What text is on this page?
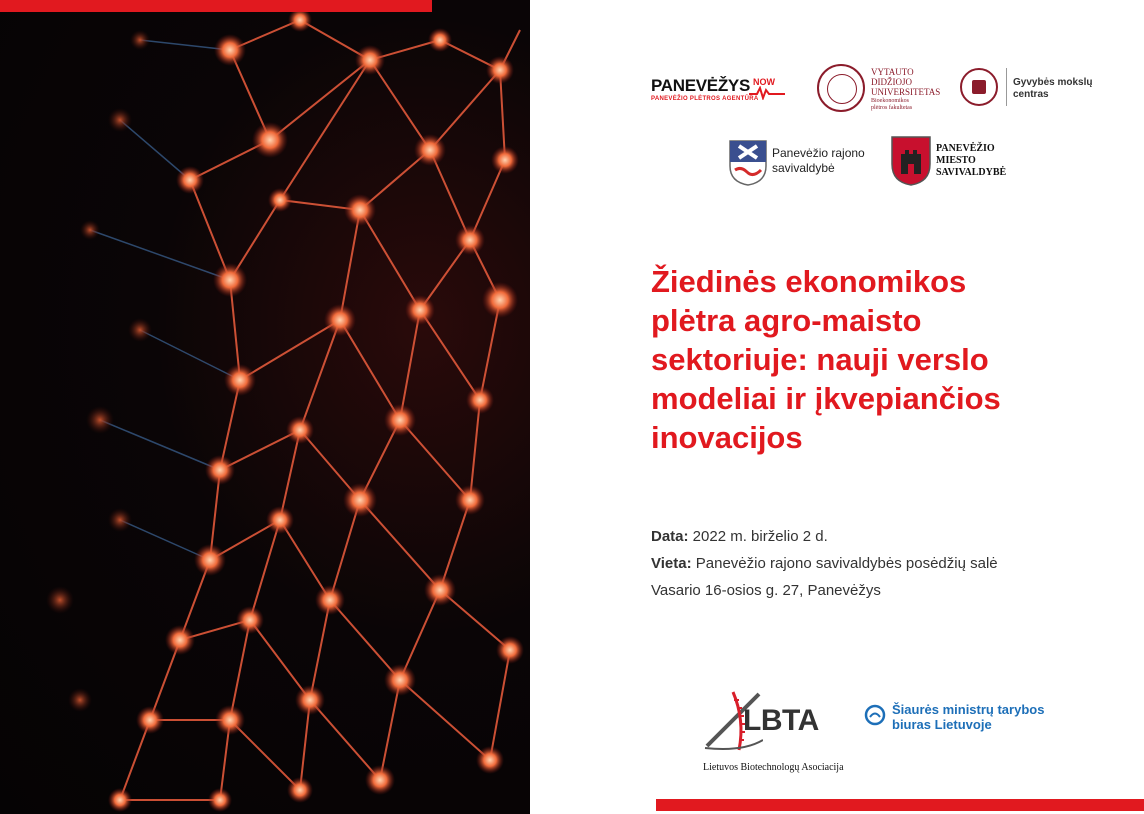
PANEVĖŽYS NOW
PANEVĖŽIO PLĖTROS AGENTŪRA
VYTAUTO
DIDŽIOJO
UNIVERSITETAS
Bioekonomikos
plėtros fakultetas
Gyvybės mokslų
centras
Panevėžio rajono
savivaldybė
PANEVĖŽIO
MIESTO
SAVIVALDYBĖ
Žiedinės ekonomikos
plėtra agro-maisto
sektoriuje: nauji verslo
modeliai ir įkvepiančios
inovacijos
Data: 2022 m. birželio 2 d.
Vieta: Panevėžio rajono savivaldybės posėdžių salė
Vasario 16-osios g. 27, Panevėžys
LBTA
Lietuvos Biotechnologų Asociacija
Šiaurės ministrų tarybos
biuras Lietuvoje
